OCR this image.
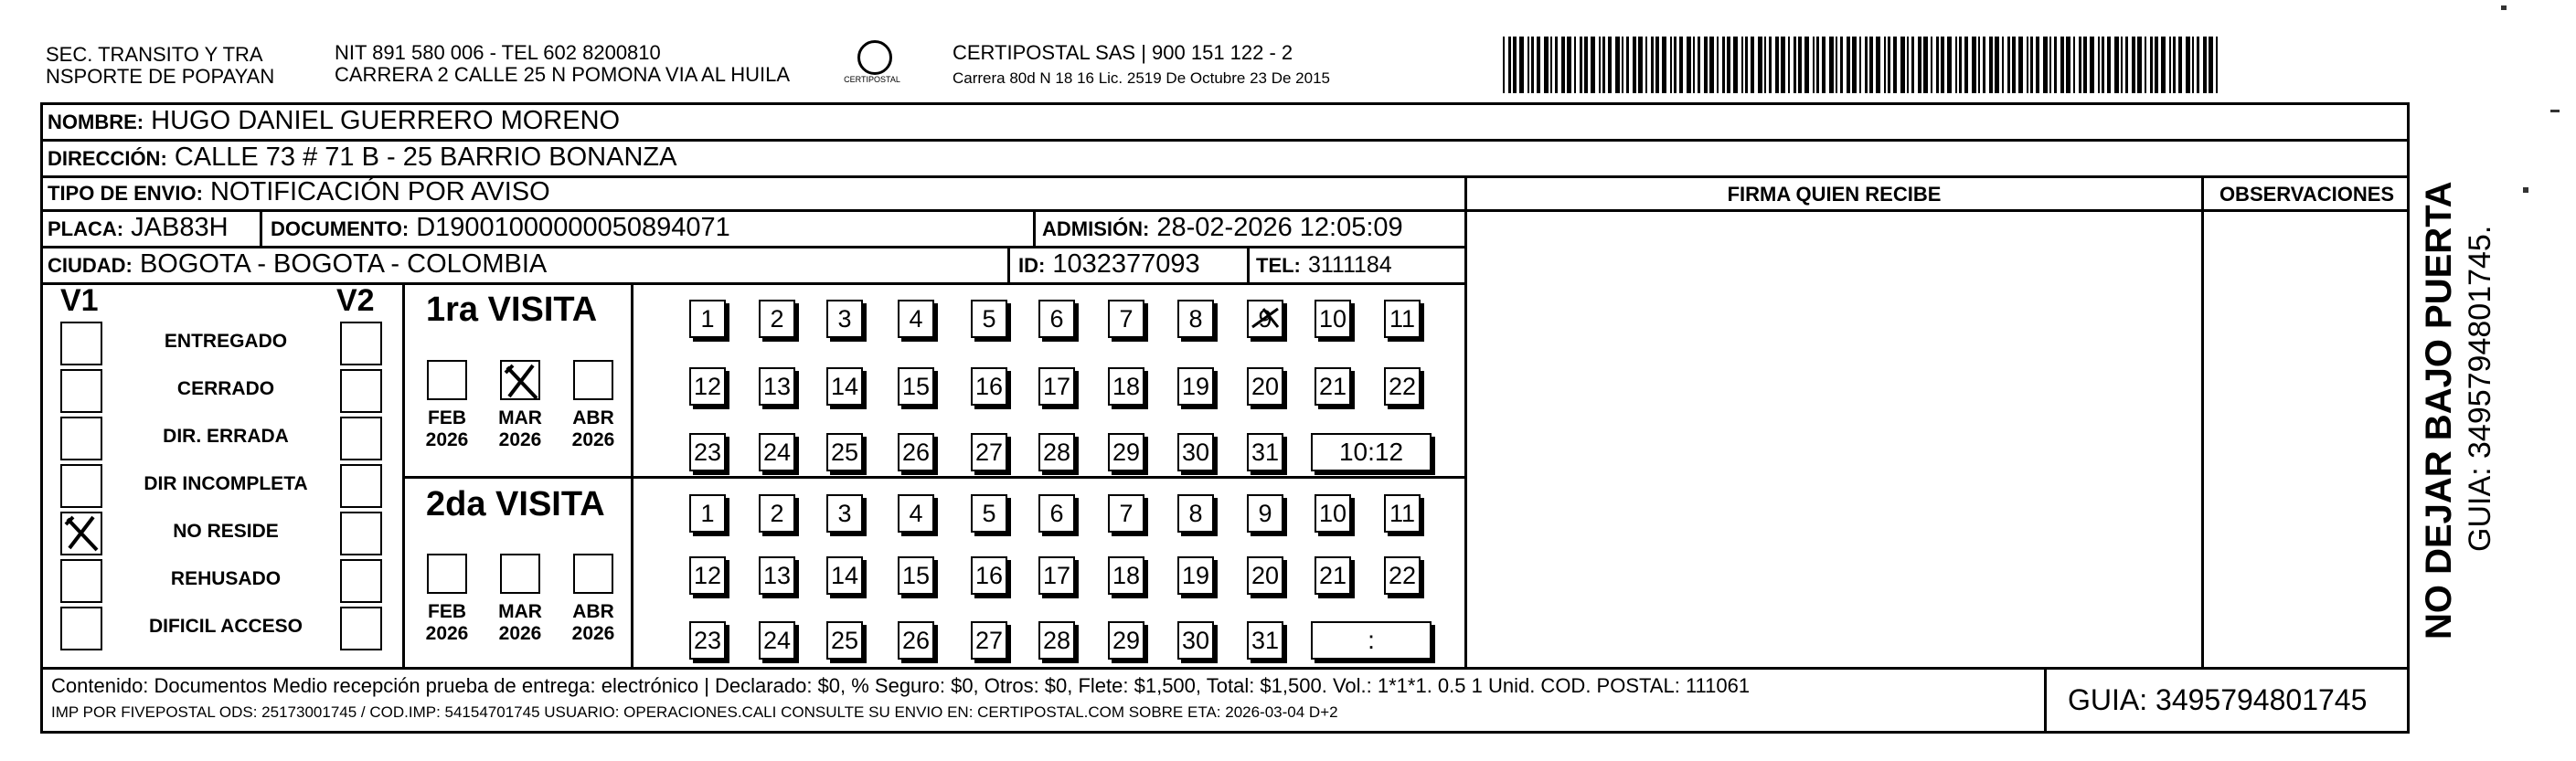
SEC. TRANSITO Y TRA
NSPORTE DE POPAYAN
NIT 891 580 006 - TEL 602 8200810
CARRERA 2 CALLE 25 N POMONA VIA AL HUILA	CERTIPOSTAL
CERTIPOSTAL SAS | 900 151 122 - 2
Carrera 80d N 18 16 Lic. 2519 De Octubre 23 De 2015
NOMBRE: HUGO DANIEL GUERRERO MORENO
DIRECCIÓN: CALLE 73 # 71 B - 25 BARRIO BONANZA
TIPO DE ENVIO: NOTIFICACIÓN POR AVISO
PLACA: JAB83H DOCUMENTO: D19001000000050894071	ADMISIÓN: 28-02-2026 12:05:09
CIUDAD: BOGOTA - BOGOTA - COLOMBIA	ID: 1032377093	TEL: 3111184
FIRMA QUIEN RECIBE	OBSERVACIONES
V1	V2
ENTREGADO
CERRADO
DIR. ERRADA
DIR INCOMPLETA
NO RESIDE
REHUSADO
DIFICIL ACCESO
1ra VISITA
2da VISITA
FEB
2026
MAR
2026
ABR
2026
1	2	3	4	5	6	7	8	9	10 11
12 13 14 15 16 17 18 19 20 21 22
23 24 25 26 27 28 29 30 31	10:12
FEB
2026
MAR
2026
ABR
2026
1	2	3	4	5	6	7	8	9	10 11
12 13 14 15 16 17 18 19 20 21 22
23 24 25 26 27 28 29 30 31	:
Contenido: Documentos Medio recepción prueba de entrega: electrónico | Declarado: $0, % Seguro: $0, Otros: $0, Flete: $1,500, Total: $1,500. Vol.: 1*1*1. 0.5 1 Unid. COD. POSTAL: 111061
IMP POR FIVEPOSTAL ODS: 25173001745 / COD.IMP: 54154701745 USUARIO: OPERACIONES.CALI CONSULTE SU ENVIO EN: CERTIPOSTAL.COM SOBRE ETA: 2026-03-04 D+2	GUIA: 3495794801745
NO DEJAR BAJO PUERTA GUIA: 3495794801745.
